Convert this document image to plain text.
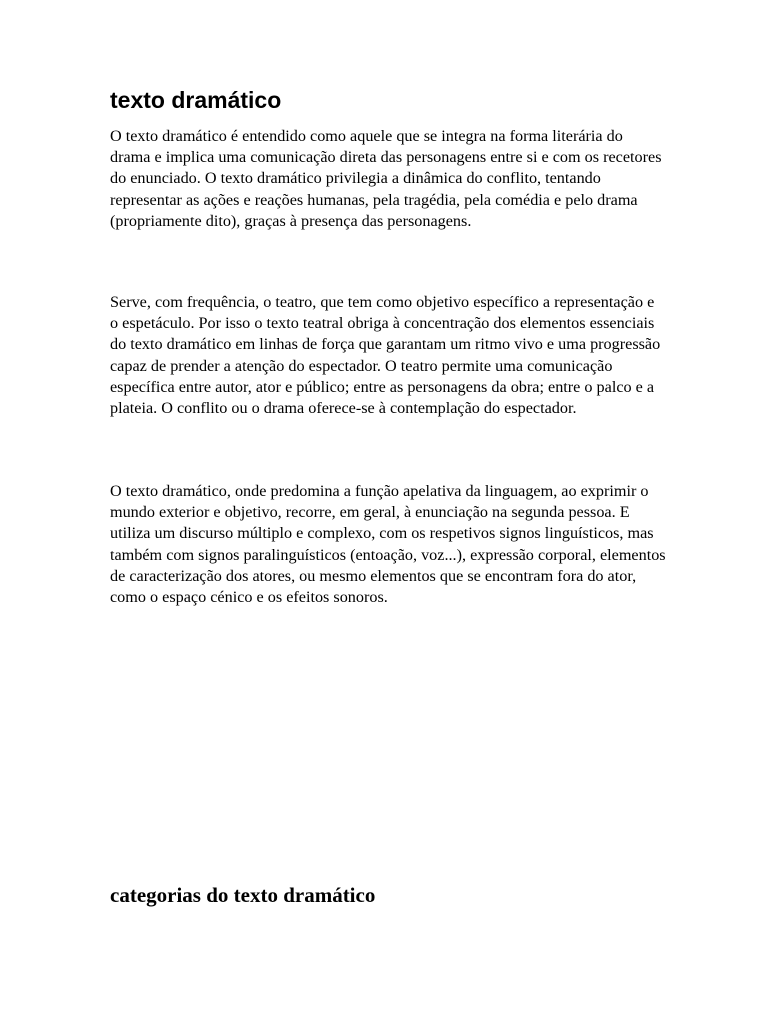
texto dramático

O texto dramático é entendido como aquele que se integra na forma literária do drama e implica uma comunicação direta das personagens entre si e com os recetores do enunciado. O texto dramático privilegia a dinâmica do conflito, tentando representar as ações e reações humanas, pela tragédia, pela comédia e pelo drama (propriamente dito), graças à presença das personagens.

Serve, com frequência, o teatro, que tem como objetivo específico a representação e o espetáculo. Por isso o texto teatral obriga à concentração dos elementos essenciais do texto dramático em linhas de força que garantam um ritmo vivo e uma progressão capaz de prender a atenção do espectador. O teatro permite uma comunicação específica entre autor, ator e público; entre as personagens da obra; entre o palco e a plateia. O conflito ou o drama oferece-se à contemplação do espectador.

O texto dramático, onde predomina a função apelativa da linguagem, ao exprimir o mundo exterior e objetivo, recorre, em geral, à enunciação na segunda pessoa. E utiliza um discurso múltiplo e complexo, com os respetivos signos linguísticos, mas também com signos paralinguísticos (entoação, voz...), expressão corporal, elementos de caracterização dos atores, ou mesmo elementos que se encontram fora do ator, como o espaço cénico e os efeitos sonoros.

categorias do texto dramático
